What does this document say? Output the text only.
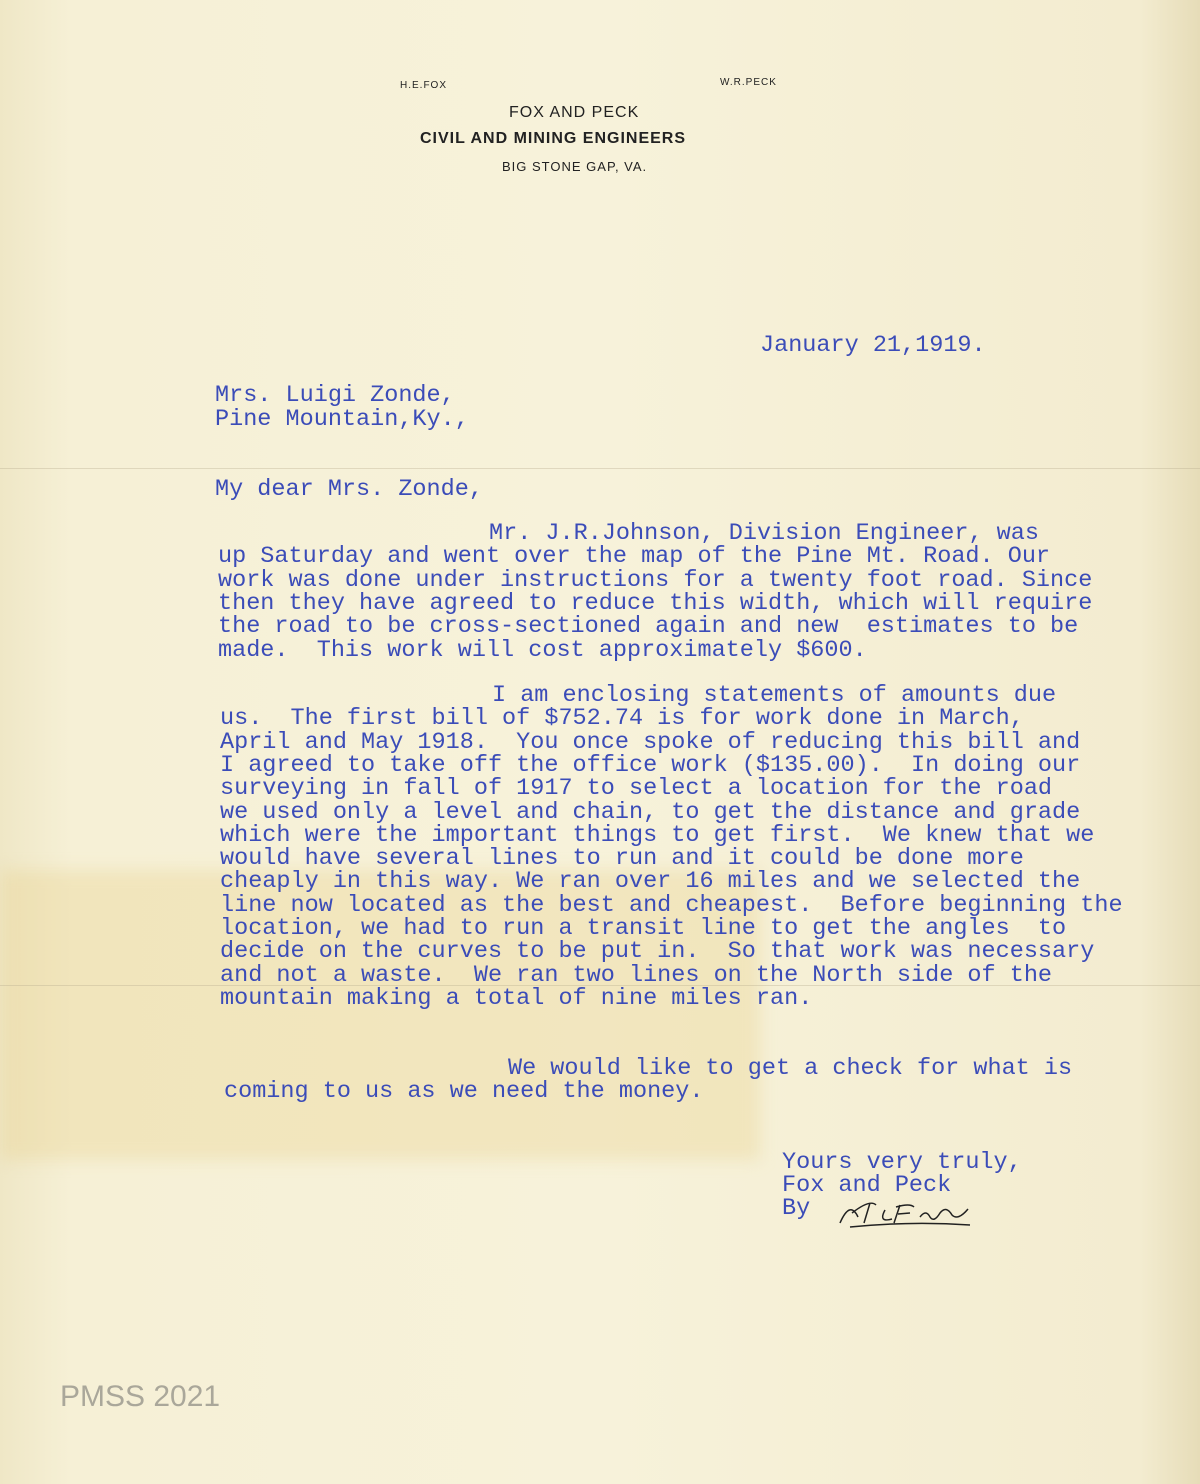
H.E.FOX	W.R.PECK
FOX AND PECK
CIVIL AND MINING ENGINEERS
BIG STONE GAP, VA.
January 21,1919.
Mrs. Luigi Zonde,
Pine Mountain,Ky.,
My dear Mrs. Zonde,
Mr. J.R.Johnson, Division Engineer, was
up Saturday and went over the map of the Pine Mt. Road. Our
work was done under instructions for a twenty foot road. Since
then they have agreed to reduce this width, which will require
the road to be cross-sectioned again and new  estimates to be
made.  This work will cost approximately $600.
I am enclosing statements of amounts due
us.  The first bill of $752.74 is for work done in March,
April and May 1918.  You once spoke of reducing this bill and
I agreed to take off the office work ($135.00).  In doing our
surveying in fall of 1917 to select a location for the road
we used only a level and chain, to get the distance and grade
which were the important things to get first.  We knew that we
would have several lines to run and it could be done more
cheaply in this way. We ran over 16 miles and we selected the
line now located as the best and cheapest.  Before beginning the
location, we had to run a transit line to get the angles  to
decide on the curves to be put in.  So that work was necessary
and not a waste.  We ran two lines on the North side of the
mountain making a total of nine miles ran.
We would like to get a check for what is
coming to us as we need the money.
Yours very truly,
Fox and Peck
By
PMSS 2021
